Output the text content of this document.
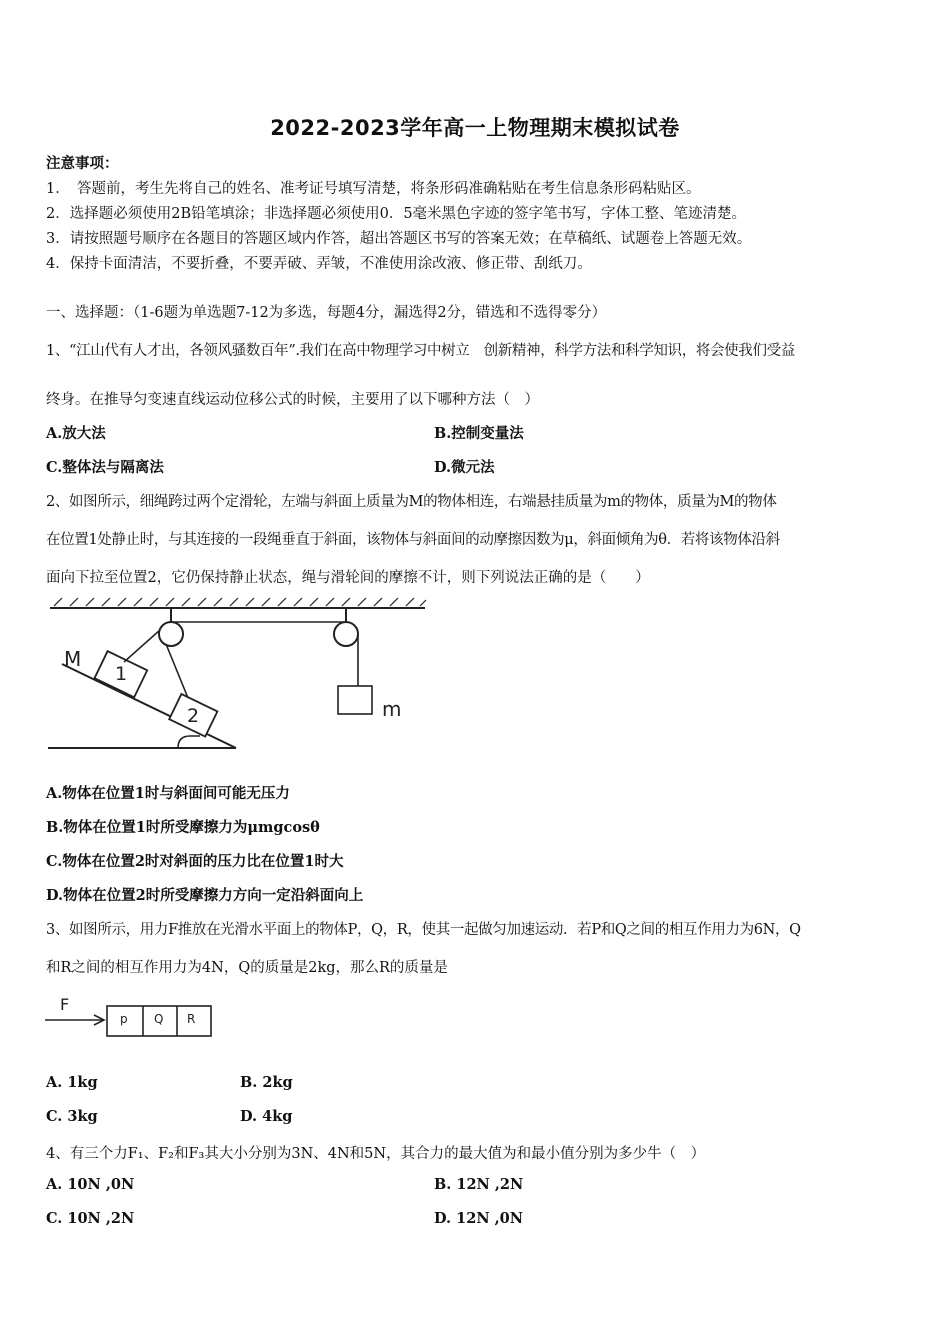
2022-2023学年高一上物理期末模拟试卷
注意事项：
1．　答题前，考生先将自己的姓名、准考证号填写清楚，将条形码准确粘贴在考生信息条形码粘贴区。
2．选择题必须使用2B铅笔填涂；非选择题必须使用0．5毫米黑色字迹的签字笔书写，字体工整、笔迹清楚。
3．请按照题号顺序在各题目的答题区域内作答，超出答题区书写的答案无效；在草稿纸、试题卷上答题无效。
4．保持卡面清洁，不要折叠，不要弄破、弄皱，不准使用涂改液、修正带、刮纸刀。
一、选择题：（1-6题为单选题7-12为多选，每题4分，漏选得2分，错选和不选得零分）
1、“江山代有人才出，各领风骚数百年”.我们在高中物理学习中树立　创新精神，科学方法和科学知识，将会使我们受益
终身。在推导匀变速直线运动位移公式的时候，主要用了以下哪种方法（　）
A.放大法	B.控制变量法
C.整体法与隔离法	D.微元法
2、如图所示，细绳跨过两个定滑轮，左端与斜面上质量为M的物体相连，右端悬挂质量为m的物体，质量为M的物体
在位置1处静止时，与其连接的一段绳垂直于斜面，该物体与斜面间的动摩擦因数为μ，斜面倾角为θ．若将该物体沿斜
面向下拉至位置2，它仍保持静止状态，绳与滑轮间的摩擦不计，则下列说法正确的是（　　）
m
1
2
M
A.物体在位置1时与斜面间可能无压力
B.物体在位置1时所受摩擦力为μmgcosθ
C.物体在位置2时对斜面的压力比在位置1时大
D.物体在位置2时所受摩擦力方向一定沿斜面向上
3、如图所示，用力F推放在光滑水平面上的物体P，Q，R，使其一起做匀加速运动．若P和Q之间的相互作用力为6N，Q
和R之间的相互作用力为4N，Q的质量是2kg，那么R的质量是
F
p Q R
A. 1kg	B. 2kg
C. 3kg	D. 4kg
4、有三个力F₁、F₂和F₃其大小分别为3N、4N和5N，其合力的最大值为和最小值分别为多少牛（　）
A. 10N ,0N	B. 12N ,2N
C. 10N ,2N	D. 12N ,0N
